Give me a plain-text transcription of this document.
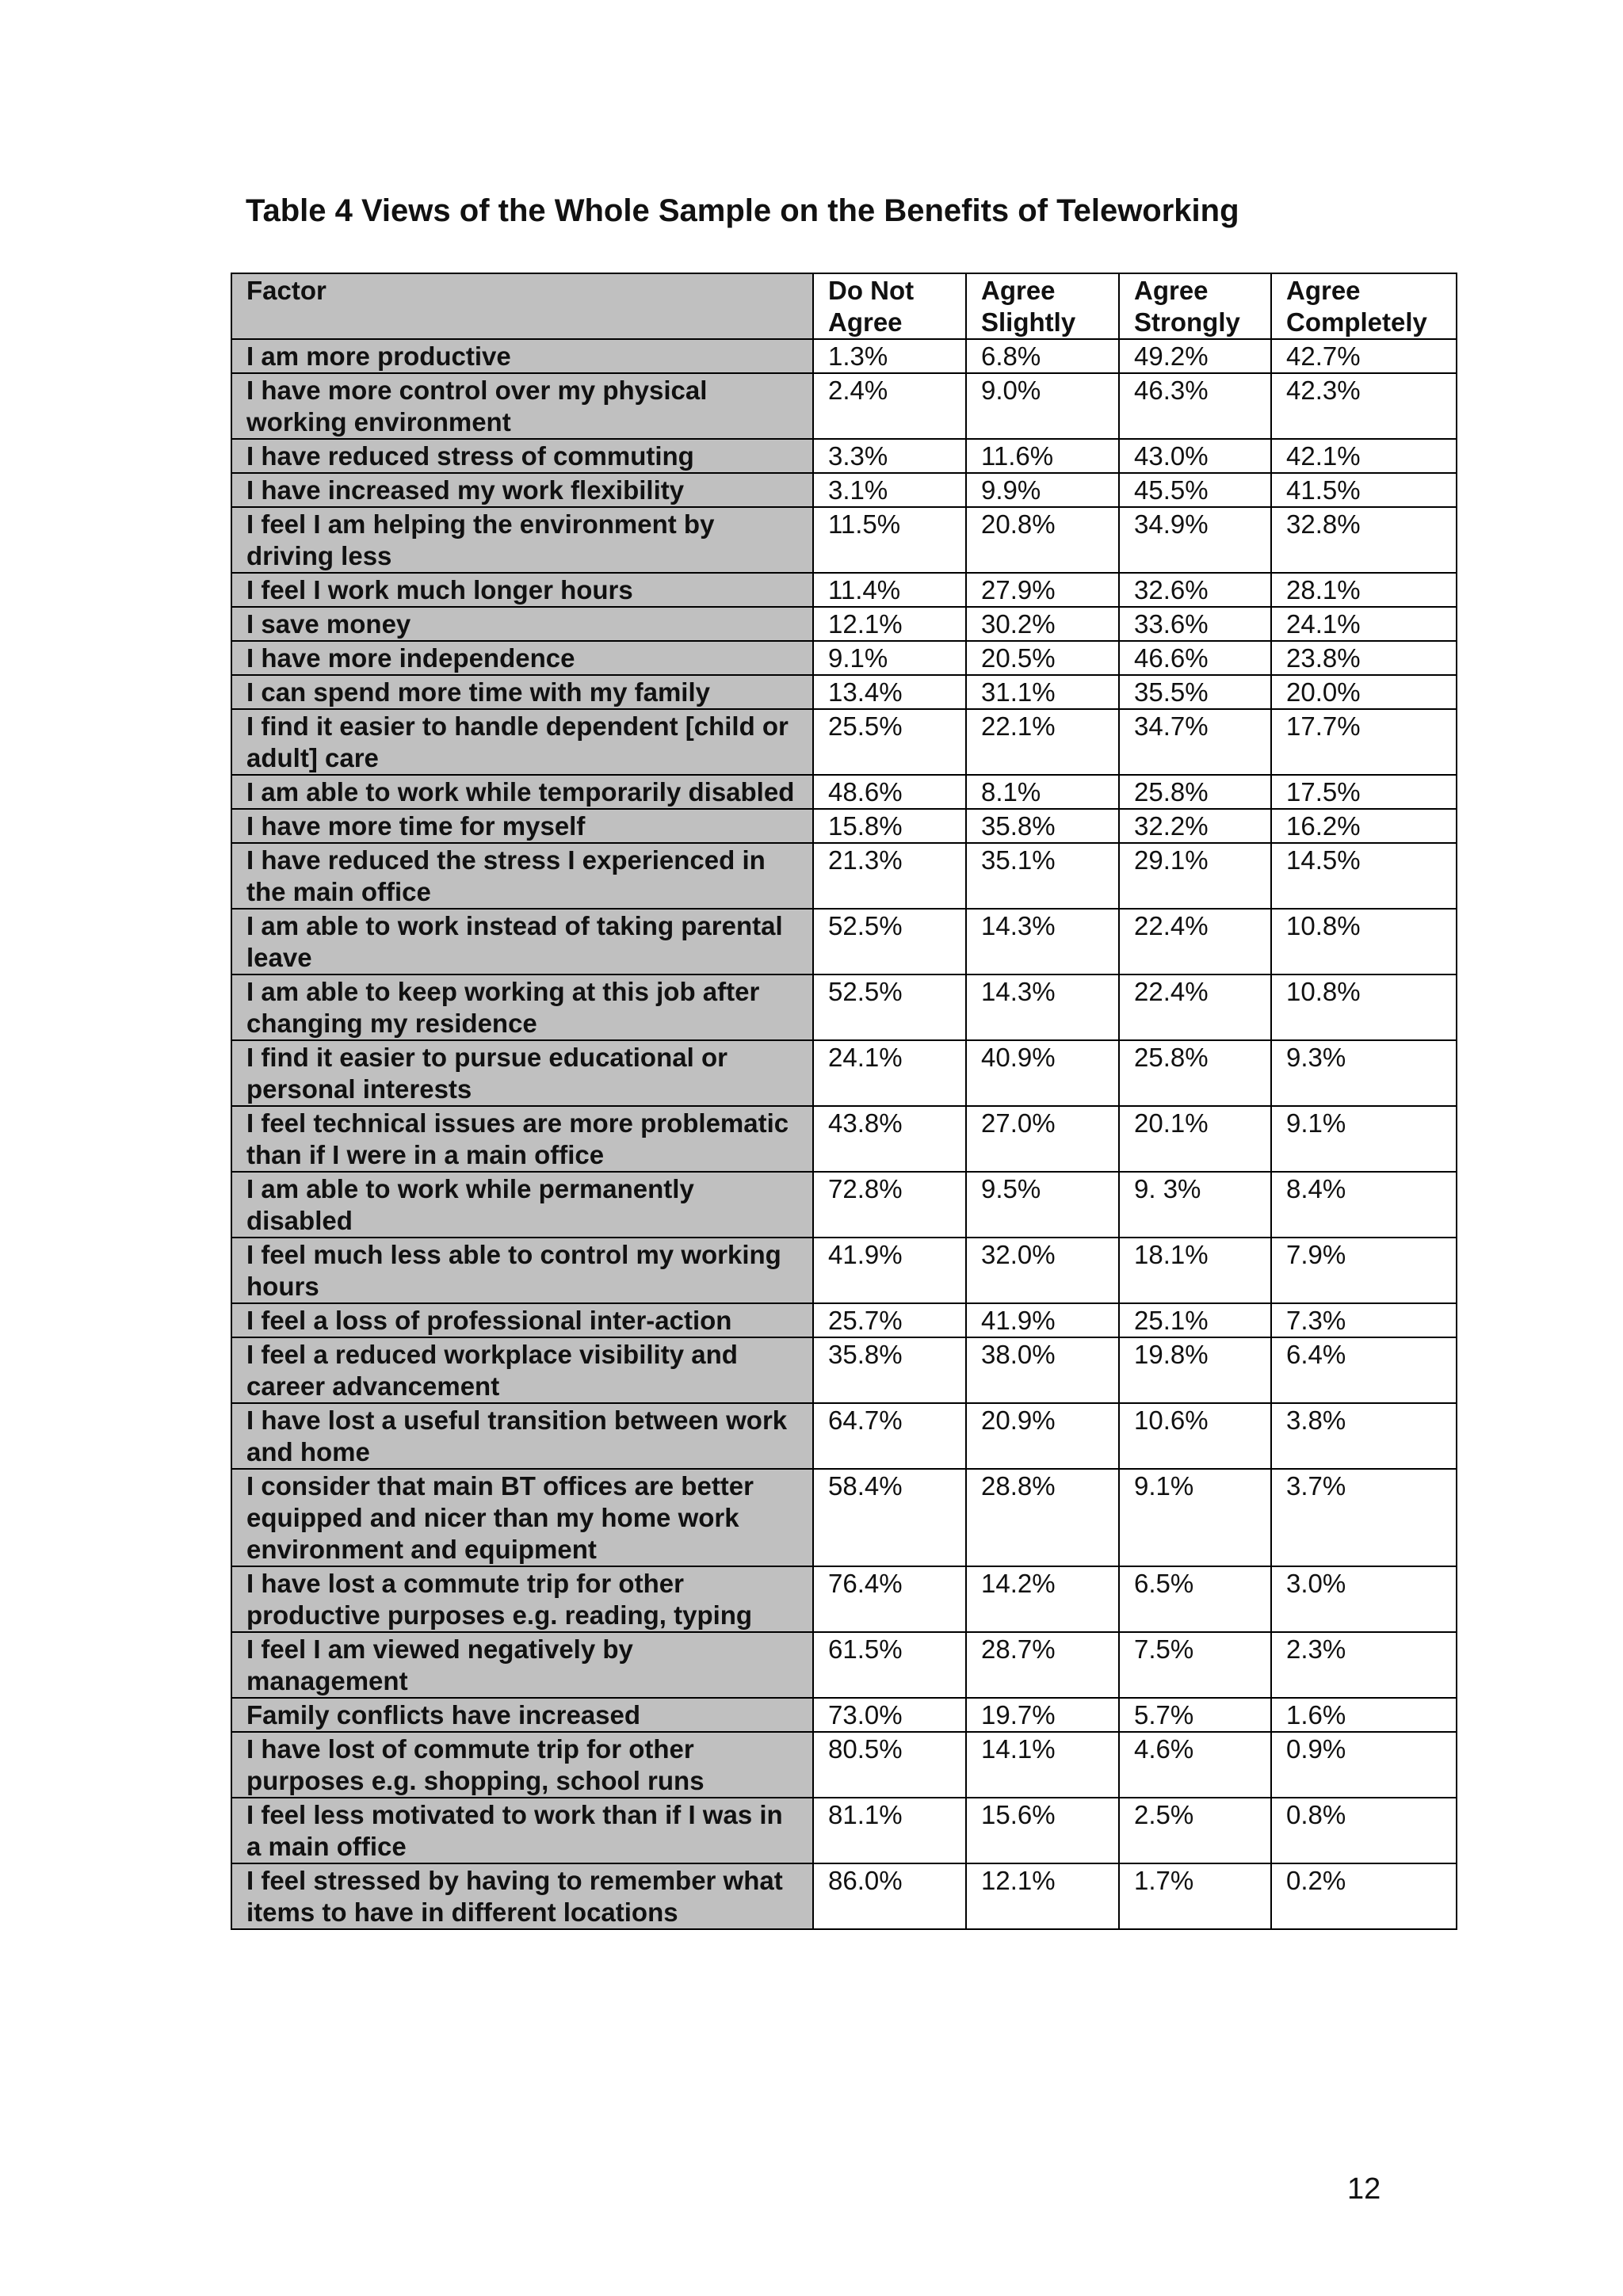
Table 4 Views of the Whole Sample on the Benefits of Teleworking
Factor	Do Not Agree	Agree Slightly	Agree Strongly	Agree Completely
I am more productive	1.3%	6.8%	49.2%	42.7%
I have more control over my physical working environment	2.4%	9.0%	46.3%	42.3%
I have reduced stress of commuting	3.3%	11.6%	43.0%	42.1%
I have increased my work flexibility	3.1%	9.9%	45.5%	41.5%
I feel I am helping the environment by driving less	11.5%	20.8%	34.9%	32.8%
I feel I work much longer hours	11.4%	27.9%	32.6%	28.1%
I save money	12.1%	30.2%	33.6%	24.1%
I have more independence	9.1%	20.5%	46.6%	23.8%
I can spend more time with my family	13.4%	31.1%	35.5%	20.0%
I find it easier to handle dependent [child or adult] care	25.5%	22.1%	34.7%	17.7%
I am able to work while temporarily disabled	48.6%	8.1%	25.8%	17.5%
I have more time for myself	15.8%	35.8%	32.2%	16.2%
I have reduced the stress I experienced in the main office	21.3%	35.1%	29.1%	14.5%
I am able to work instead of taking parental leave	52.5%	14.3%	22.4%	10.8%
I am able to keep working at this job after changing my residence	52.5%	14.3%	22.4%	10.8%
I find it easier to pursue educational or personal interests	24.1%	40.9%	25.8%	9.3%
I feel technical issues are more problematic than if I were in a main office	43.8%	27.0%	20.1%	9.1%
I am able to work while permanently disabled	72.8%	9.5%	9. 3%	8.4%
I feel much less able to control my working hours	41.9%	32.0%	18.1%	7.9%
I feel a loss of professional inter-action	25.7%	41.9%	25.1%	7.3%
I feel a reduced workplace visibility and career advancement	35.8%	38.0%	19.8%	6.4%
I have lost a useful transition between work and home	64.7%	20.9%	10.6%	3.8%
I consider that main BT offices are better equipped and nicer than my home work environment and equipment	58.4%	28.8%	9.1%	3.7%
I have lost a commute trip for other productive purposes e.g. reading, typing	76.4%	14.2%	6.5%	3.0%
I feel I am viewed negatively by management	61.5%	28.7%	7.5%	2.3%
Family conflicts have increased	73.0%	19.7%	5.7%	1.6%
I have lost of commute trip for other purposes e.g. shopping, school runs	80.5%	14.1%	4.6%	0.9%
I feel less motivated to work than if I was in a main office	81.1%	15.6%	2.5%	0.8%
I feel stressed by having to remember what items to have in different locations	86.0%	12.1%	1.7%	0.2%

12
